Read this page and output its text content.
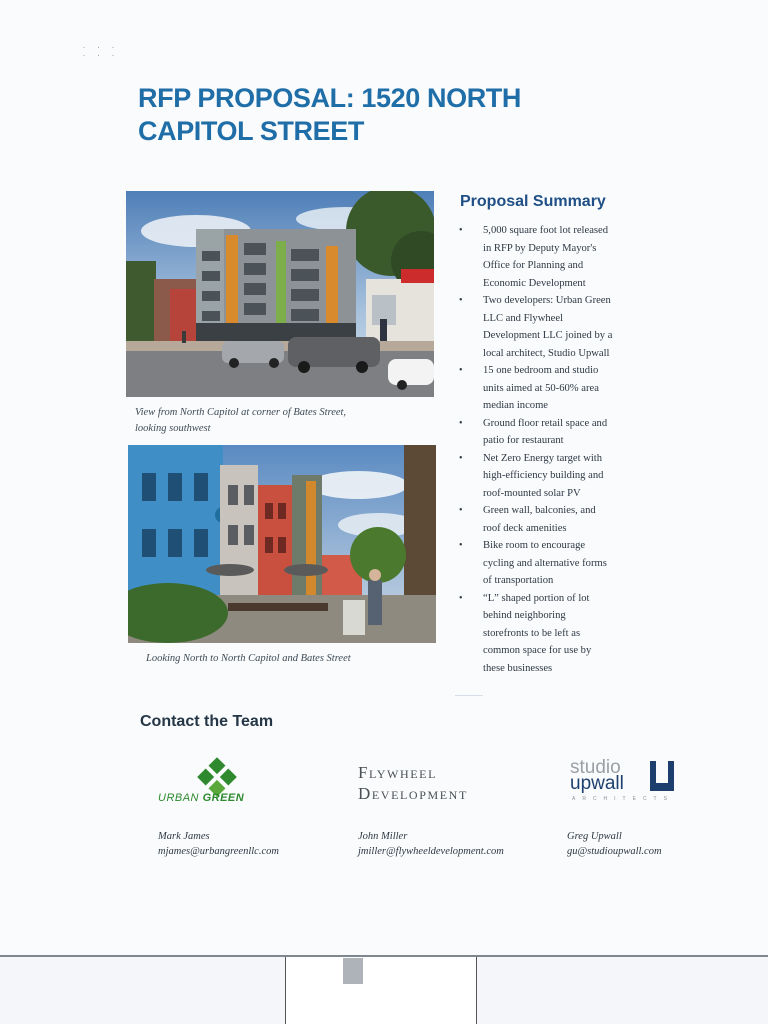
· · ·
· · ·
RFP PROPOSAL: 1520 NORTH
CAPITOL STREET
View from North Capitol at corner of Bates Street,
looking southwest
Looking North to North Capitol and Bates Street
Proposal Summary
• 5,000 square foot lot released
in RFP by Deputy Mayor's
Office for Planning and
Economic Development
• Two developers: Urban Green
LLC and Flywheel
Development LLC joined by a
local architect, Studio Upwall
• 15 one bedroom and studio
units aimed at 50-60% area
median income
• Ground floor retail space and
patio for restaurant
• Net Zero Energy target with
high-efficiency building and
roof-mounted solar PV
• Green wall, balconies, and
roof deck amenities
• Bike room to encourage
cycling and alternative forms
of transportation
• “L” shaped portion of lot
behind neighboring
storefronts to be left as
common space for use by
these businesses
Contact the Team
URBAN GREEN
Flywheel
Development
studio
upwall
ARCHITECTS
Mark James
mjames@urbangreenllc.com
John Miller
jmiller@flywheeldevelopment.com
Greg Upwall
gu@studioupwall.com
